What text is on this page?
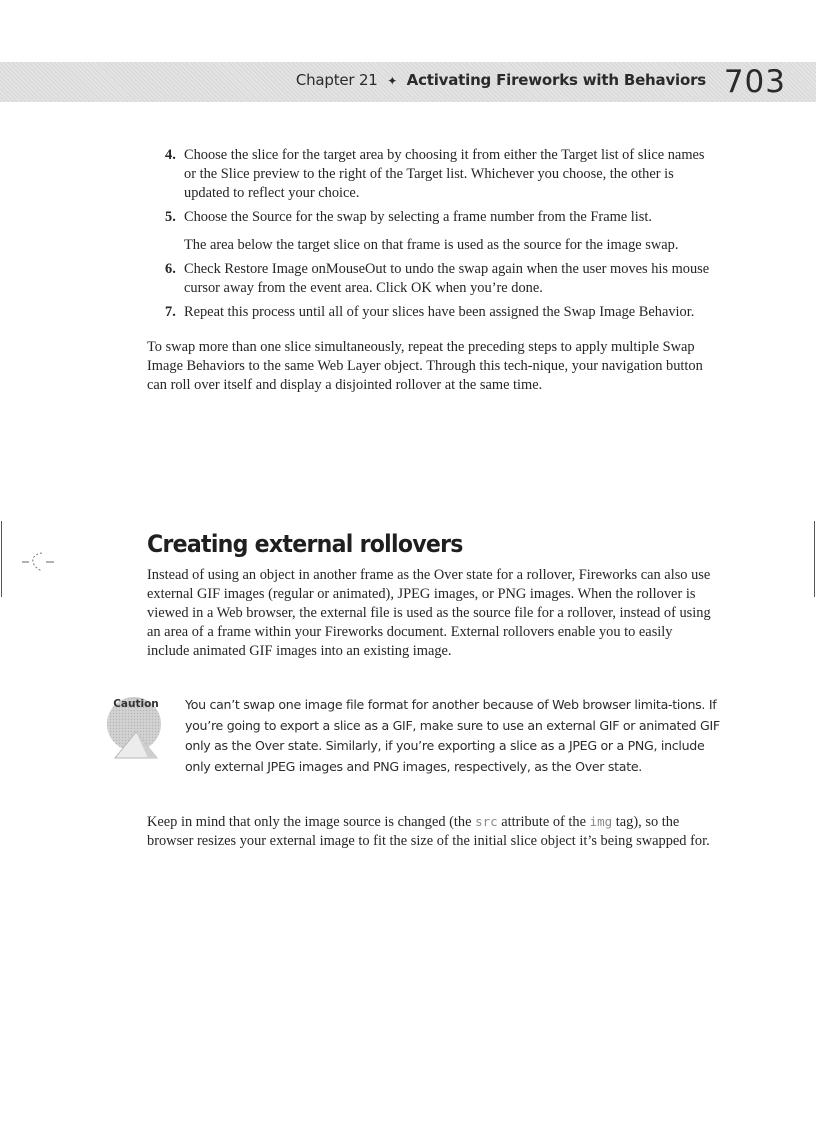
Chapter 21 ✦ Activating Fireworks with Behaviors 703
4. Choose the slice for the target area by choosing it from either the Target list of slice names or the Slice preview to the right of the Target list. Whichever you choose, the other is updated to reflect your choice.
5. Choose the Source for the swap by selecting a frame number from the Frame list.

The area below the target slice on that frame is used as the source for the image swap.

6. Check Restore Image onMouseOut to undo the swap again when the user moves his mouse cursor away from the event area. Click OK when you’re done.
7. Repeat this process until all of your slices have been assigned the Swap Image Behavior.

To swap more than one slice simultaneously, repeat the preceding steps to apply multiple Swap Image Behaviors to the same Web Layer object. Through this tech-nique, your navigation button can roll over itself and display a disjointed rollover at the same time.

Creating external rollovers

Instead of using an object in another frame as the Over state for a rollover, Fireworks can also use external GIF images (regular or animated), JPEG images, or PNG images. When the rollover is viewed in a Web browser, the external file is used as the source file for a rollover, instead of using an area of a frame within your Fireworks document. External rollovers enable you to easily include animated GIF images into an existing image.

Caution You can’t swap one image file format for another because of Web browser limita-tions. If you’re going to export a slice as a GIF, make sure to use an external GIF or animated GIF only as the Over state. Similarly, if you’re exporting a slice as a JPEG or a PNG, include only external JPEG images and PNG images, respectively, as the Over state.

Keep in mind that only the image source is changed (the src attribute of the img tag), so the browser resizes your external image to fit the size of the initial slice object it’s being swapped for.
